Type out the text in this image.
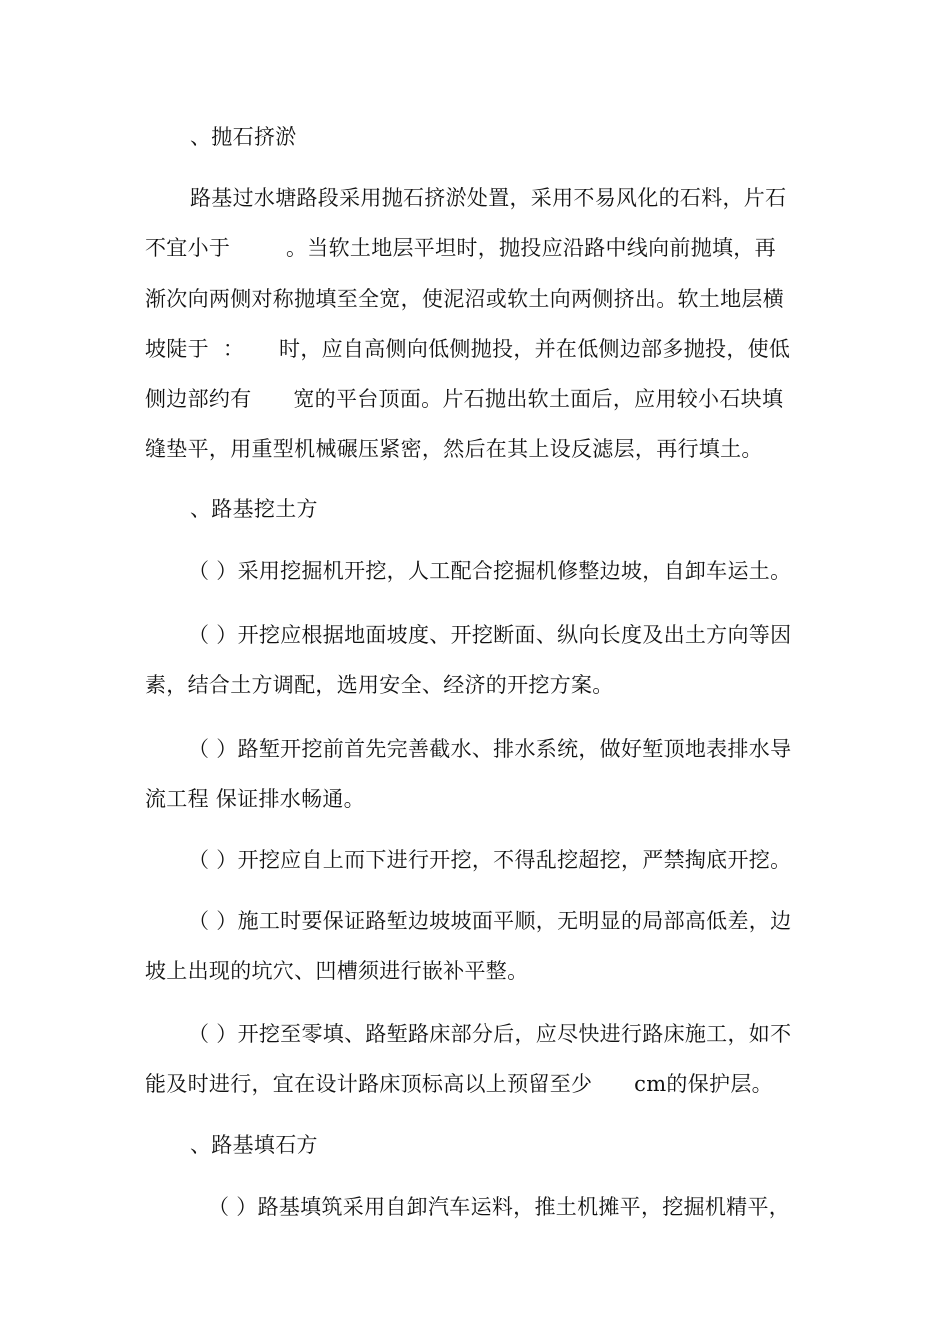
、抛石挤淤
路基过水塘路段采用抛石挤淤处置，采用不易风化的石料，片石
不宜小于        。当软土地层平坦时，抛投应沿路中线向前抛填，再
渐次向两侧对称抛填至全宽，使泥沼或软土向两侧挤出。软土地层横
坡陡于  ：     时，应自高侧向低侧抛投，并在低侧边部多抛投，使低
侧边部约有      宽的平台顶面。片石抛出软土面后，应用较小石块填
缝垫平，用重型机械碾压紧密，然后在其上设反滤层，再行填土。
、路基挖土方
（ ）采用挖掘机开挖，人工配合挖掘机修整边坡，自卸车运土。
（ ）开挖应根据地面坡度、开挖断面、纵向长度及出土方向等因
素，结合土方调配，选用安全、经济的开挖方案。
（ ）路堑开挖前首先完善截水、排水系统，做好堑顶地表排水导
流工程 保证排水畅通。
（ ）开挖应自上而下进行开挖，不得乱挖超挖，严禁掏底开挖。
（ ）施工时要保证路堑边坡坡面平顺，无明显的局部高低差，边
坡上出现的坑穴、凹槽须进行嵌补平整。
（ ）开挖至零填、路堑路床部分后，应尽快进行路床施工，如不
能及时进行，宜在设计路床顶标高以上预留至少      cm的保护层。
、路基填石方
（ ）路基填筑采用自卸汽车运料，推土机摊平，挖掘机精平，
